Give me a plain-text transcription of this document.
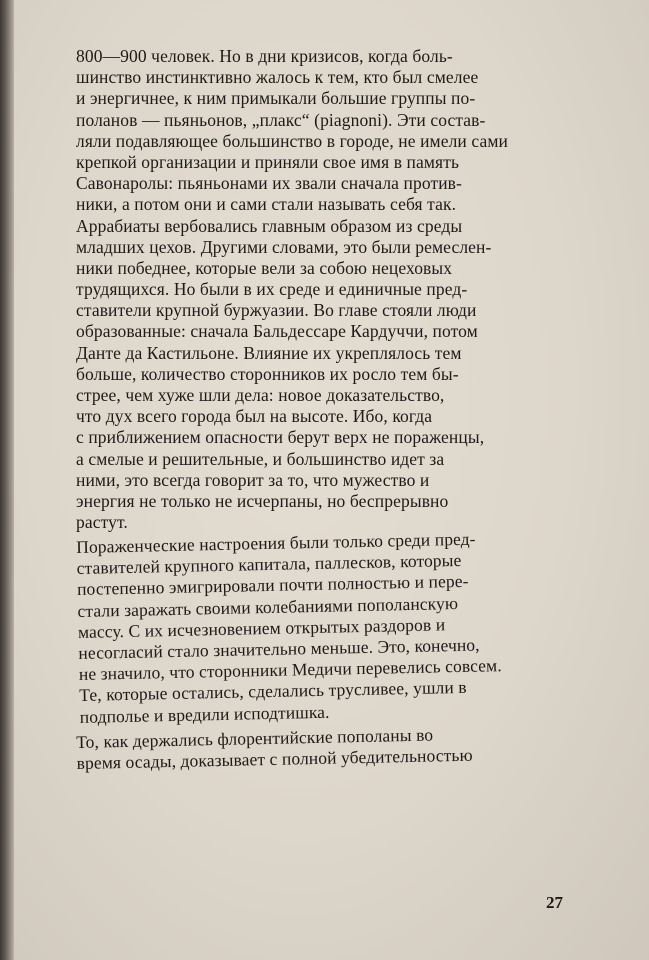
800—900 человек. Но в дни кризисов, когда боль-
шинство инстинктивно жалось к тем, кто был смелее
и энергичнее, к ним примыкали большие группы по-
поланов — пьяньонов, „плакс“ (piagnoni). Эти состав-
ляли подавляющее большинство в городе, не имели сами
крепкой организации и приняли свое имя в память
Савонаролы: пьяньонами их звали сначала против-
ники, а потом они и сами стали называть себя так.

Аррабиаты вербовались главным образом из среды
младших цехов. Другими словами, это были ремеслен-
ники победнее, которые вели за собою нецеховых
трудящихся. Но были в их среде и единичные пред-
ставители крупной буржуазии. Во главе стояли люди
образованные: сначала Бальдессаре Кардуччи, потом
Данте да Кастильоне. Влияние их укреплялось тем
больше, количество сторонников их росло тем бы-
стрее, чем хуже шли дела: новое доказательство,
что дух всего города был на высоте. Ибо, когда
с приближением опасности берут верх не пораженцы,
а смелые и решительные, и большинство идет за
ними, это всегда говорит за то, что мужество и
энергия не только не исчерпаны, но беспрерывно
растут.

Пораженческие настроения были только среди пред-
ставителей крупного капитала, паллесков, которые
постепенно эмигрировали почти полностью и пере-
стали заражать своими колебаниями пополанскую
массу. С их исчезновением открытых раздоров и
несогласий стало значительно меньше. Это, конечно,
не значило, что сторонники Медичи перевелись совсем.
Те, которые остались, сделались трусливее, ушли в
подполье и вредили исподтишка.

То, как держались флорентийские пополаны во
время осады, доказывает с полной убедительностью

27
